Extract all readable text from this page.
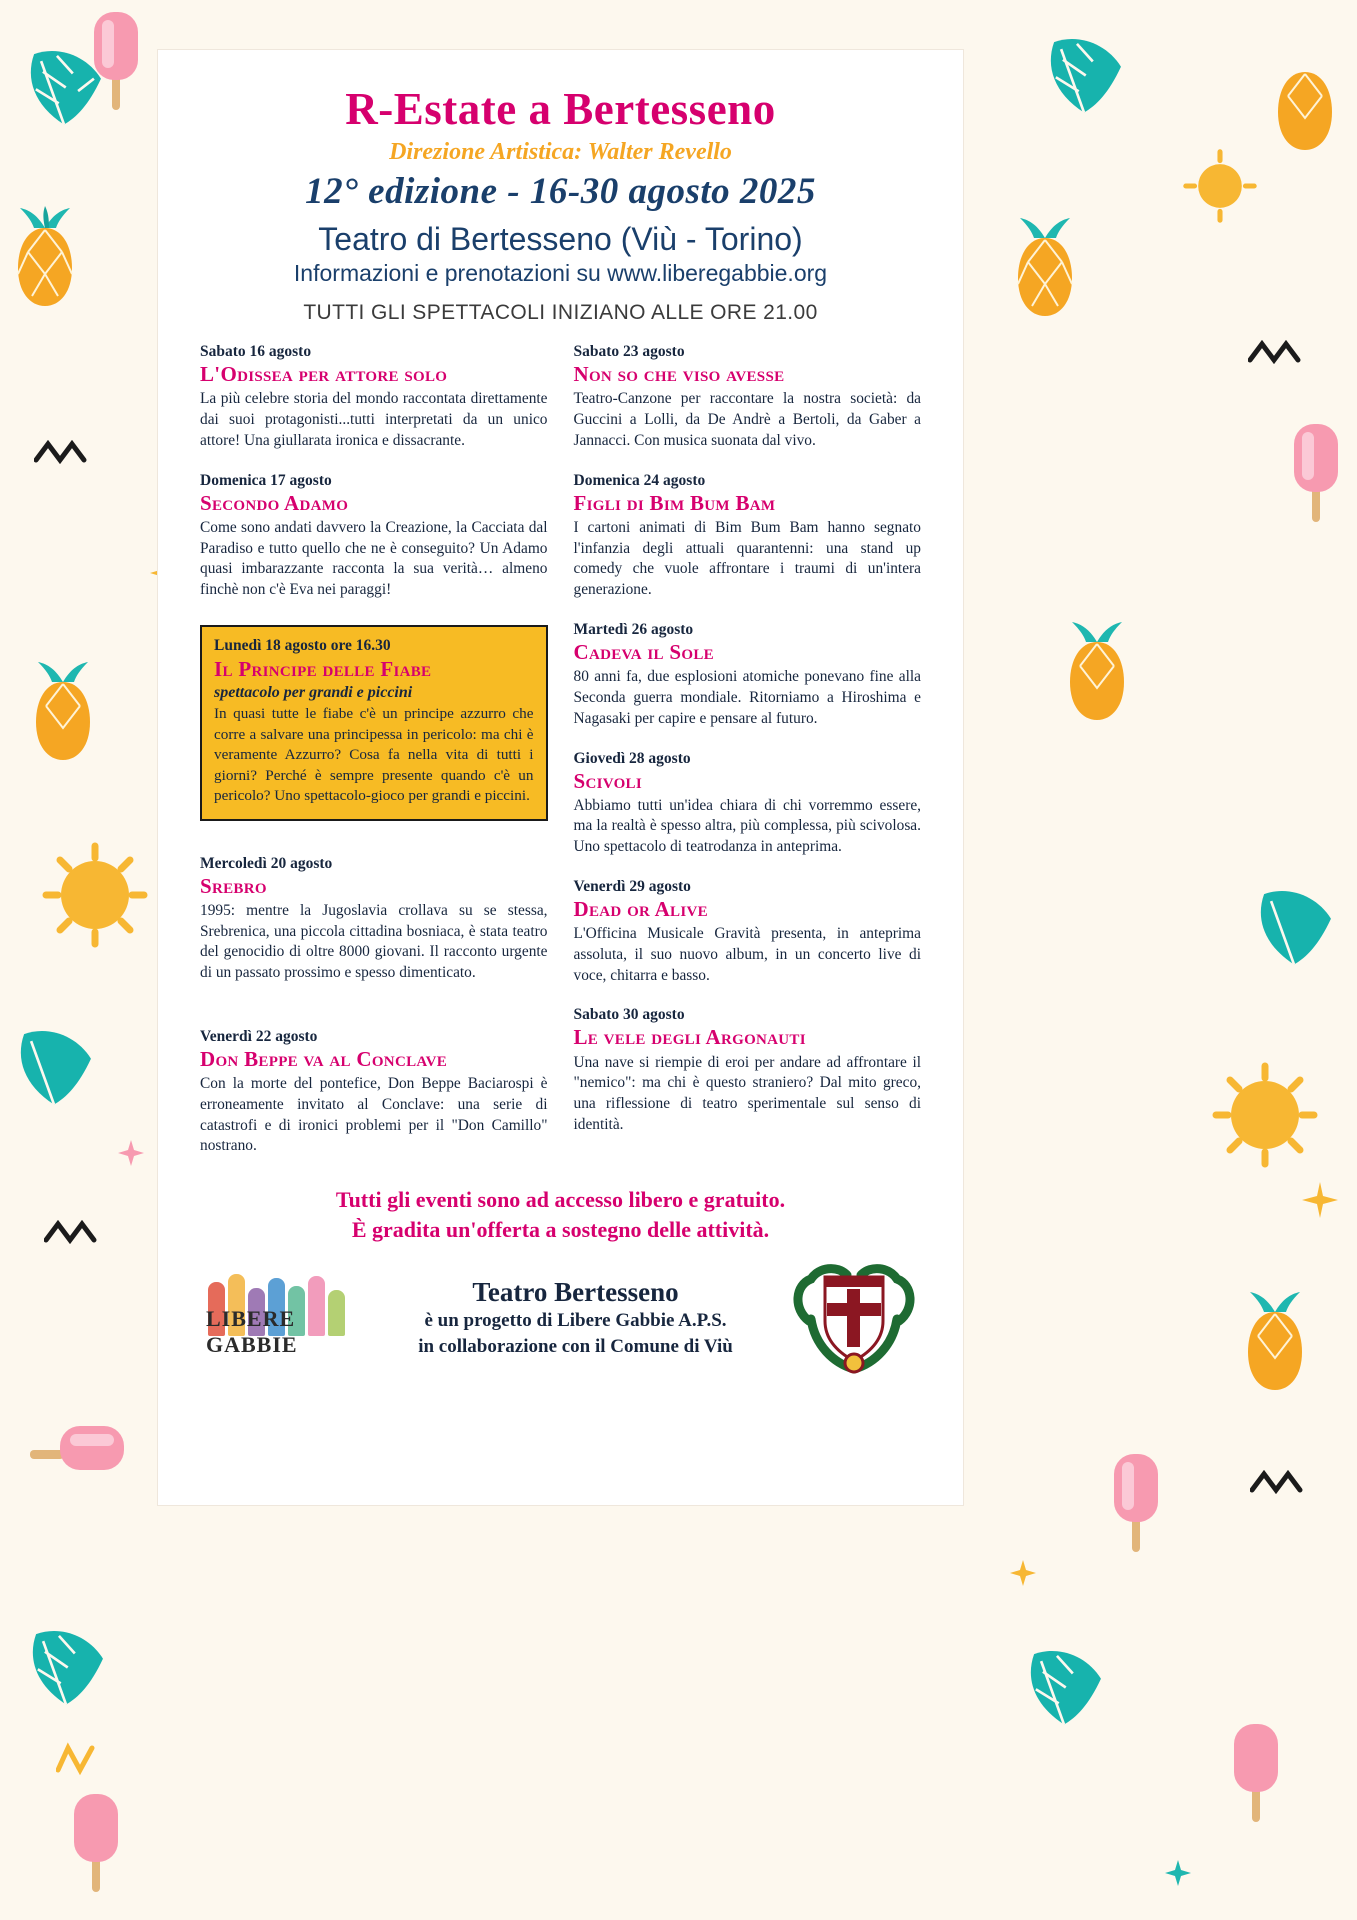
R-Estate a Bertesseno
Direzione Artistica: Walter Revello
12° edizione - 16-30 agosto 2025
Teatro di Bertesseno (Viù - Torino)
Informazioni e prenotazioni su www.liberegabbie.org
TUTTI GLI SPETTACOLI INIZIANO ALLE ORE 21.00
Sabato 16 agosto
L'Odissea per attore solo
La più celebre storia del mondo raccontata direttamente dai suoi protagonisti...tutti interpretati da un unico attore! Una giullarata ironica e dissacrante.
Domenica 17 agosto
Secondo Adamo
Come sono andati davvero la Creazione, la Cacciata dal Paradiso e tutto quello che ne è conseguito? Un Adamo quasi imbarazzante racconta la sua verità… almeno finchè non c'è Eva nei paraggi!
Lunedì 18 agosto ore 16.30
Il Principe delle Fiabe
spettacolo per grandi e piccini
In quasi tutte le fiabe c'è un principe azzurro che corre a salvare una principessa in pericolo: ma chi è veramente Azzurro? Cosa fa nella vita di tutti i giorni? Perché è sempre presente quando c'è un pericolo? Uno spettacolo-gioco per grandi e piccini.
Mercoledì 20 agosto
Srebro
1995: mentre la Jugoslavia crollava su se stessa, Srebrenica, una piccola cittadina bosniaca, è stata teatro del genocidio di oltre 8000 giovani. Il racconto urgente di un passato prossimo e spesso dimenticato.
Venerdì 22 agosto
Don Beppe va al Conclave
Con la morte del pontefice, Don Beppe Baciarospi è erroneamente invitato al Conclave: una serie di catastrofi e di ironici problemi per il "Don Camillo" nostrano.
Sabato 23 agosto
Non so che viso avesse
Teatro-Canzone per raccontare la nostra società: da Guccini a Lolli, da De Andrè a Bertoli, da Gaber a Jannacci. Con musica suonata dal vivo.
Domenica 24 agosto
Figli di Bim Bum Bam
I cartoni animati di Bim Bum Bam hanno segnato l'infanzia degli attuali quarantenni: una stand up comedy che vuole affrontare i traumi di un'intera generazione.
Martedì 26 agosto
Cadeva il Sole
80 anni fa, due esplosioni atomiche ponevano fine alla Seconda guerra mondiale. Ritorniamo a Hiroshima e Nagasaki per capire e pensare al futuro.
Giovedì 28 agosto
Scivoli
Abbiamo tutti un'idea chiara di chi vorremmo essere, ma la realtà è spesso altra, più complessa, più scivolosa. Uno spettacolo di teatrodanza in anteprima.
Venerdì 29 agosto
Dead or Alive
L'Officina Musicale Gravità presenta, in anteprima assoluta, il suo nuovo album, in un concerto live di voce, chitarra e basso.
Sabato 30 agosto
Le vele degli Argonauti
Una nave si riempie di eroi per andare ad affrontare il "nemico": ma chi è questo straniero? Dal mito greco, una riflessione di teatro sperimentale sul senso di identità.
Tutti gli eventi sono ad accesso libero e gratuito.
È gradita un'offerta a sostegno delle attività.
LIBERE GABBIE
Teatro Bertesseno
è un progetto di Libere Gabbie A.P.S.
in collaborazione con il Comune di Viù
